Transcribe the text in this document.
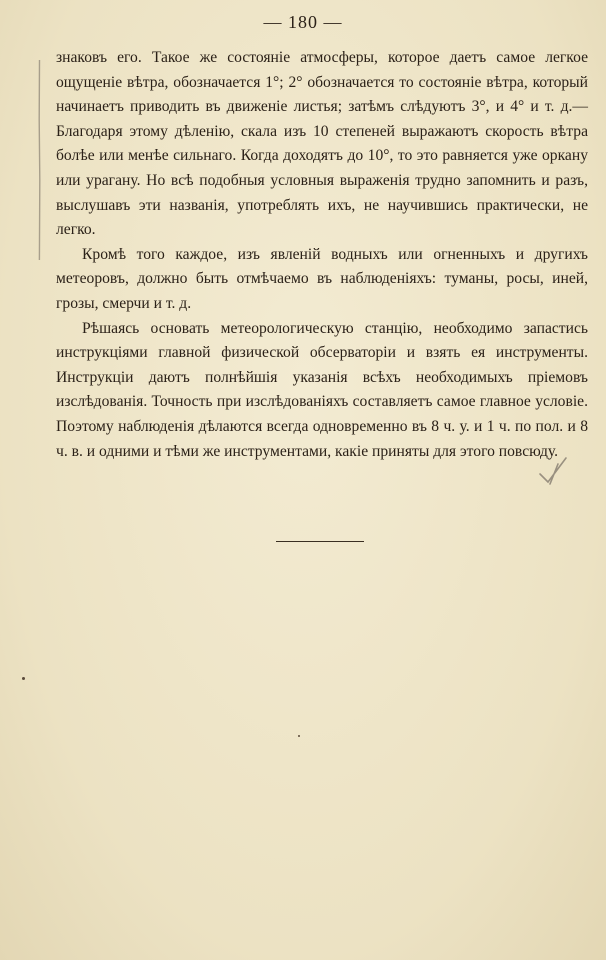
— 180 —

знаковъ его. Такое же состояніе атмосферы, которое даетъ самое легкое ощущеніе вѣтра, обозначается 1°; 2° обозначается то состояніе вѣтра, который начинаетъ приводить въ движеніе листья; затѣмъ слѣдуютъ 3°, и 4° и т. д.—Благодаря этому дѣленію, скала изъ 10 степеней выражаютъ скорость вѣтра болѣе или менѣе сильнаго. Когда доходятъ до 10°, то это равняется уже оркану или урагану. Но всѣ подобныя условныя выраженія трудно запомнить и разъ, выслушавъ эти названія, употреблять ихъ, не научившись практически, не легко.

Кромѣ того каждое, изъ явленій водныхъ или огненныхъ и другихъ метеоровъ, должно быть отмѣчаемо въ наблюденіяхъ: туманы, росы, иней, грозы, смерчи и т. д.

Рѣшаясь основать метеорологическую станцію, необходимо запастись инструкціями главной физической обсерваторіи и взять ея инструменты. Инструкціи даютъ полнѣйшія указанія всѣхъ необходимыхъ пріемовъ изслѣдованія. Точность при изслѣдованіяхъ составляетъ самое главное условіе. Поэтому наблюденія дѣлаются всегда одновременно въ 8 ч. у. и 1 ч. по пол. и 8 ч. в. и одними и тѣми же инструментами, какіе приняты для этого повсюду.
